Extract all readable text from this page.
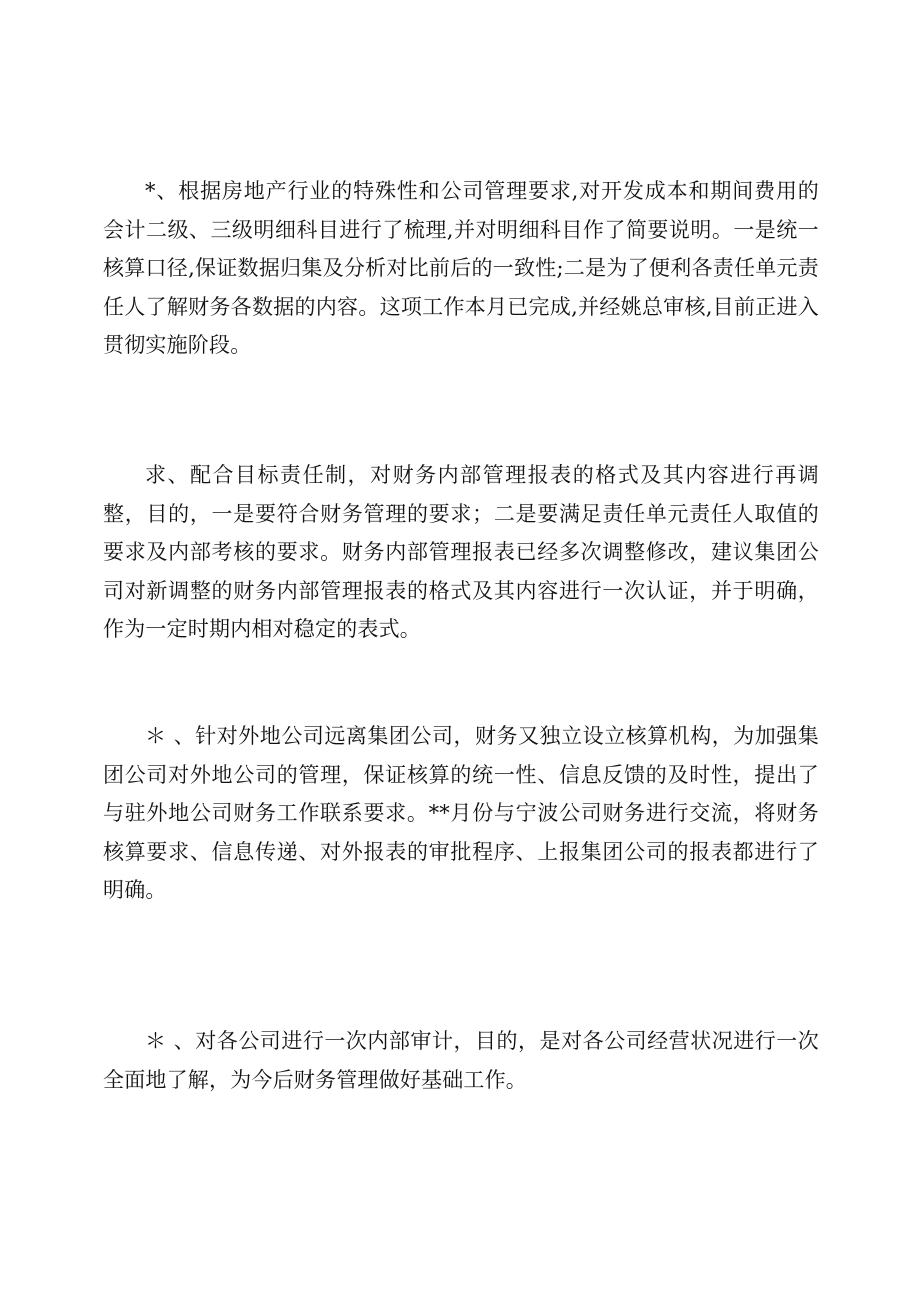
*、根据房地产行业的特殊性和公司管理要求,对开发成本和期间费用的会计二级、三级明细科目进行了梳理,并对明细科目作了简要说明。一是统一核算口径,保证数据归集及分析对比前后的一致性;二是为了便利各责任单元责任人了解财务各数据的内容。这项工作本月已完成,并经姚总审核,目前正进入贯彻实施阶段。

求、配合目标责任制，对财务内部管理报表的格式及其内容进行再调整，目的，一是要符合财务管理的要求；二是要满足责任单元责任人取值的要求及内部考核的要求。财务内部管理报表已经多次调整修改，建议集团公司对新调整的财务内部管理报表的格式及其内容进行一次认证，并于明确，作为一定时期内相对稳定的表式。

＊ 、针对外地公司远离集团公司，财务又独立设立核算机构，为加强集团公司对外地公司的管理，保证核算的统一性、信息反馈的及时性，提出了与驻外地公司财务工作联系要求。**月份与宁波公司财务进行交流，将财务核算要求、信息传递、对外报表的审批程序、上报集团公司的报表都进行了明确。

＊ 、对各公司进行一次内部审计，目的，是对各公司经营状况进行一次全面地了解，为今后财务管理做好基础工作。
